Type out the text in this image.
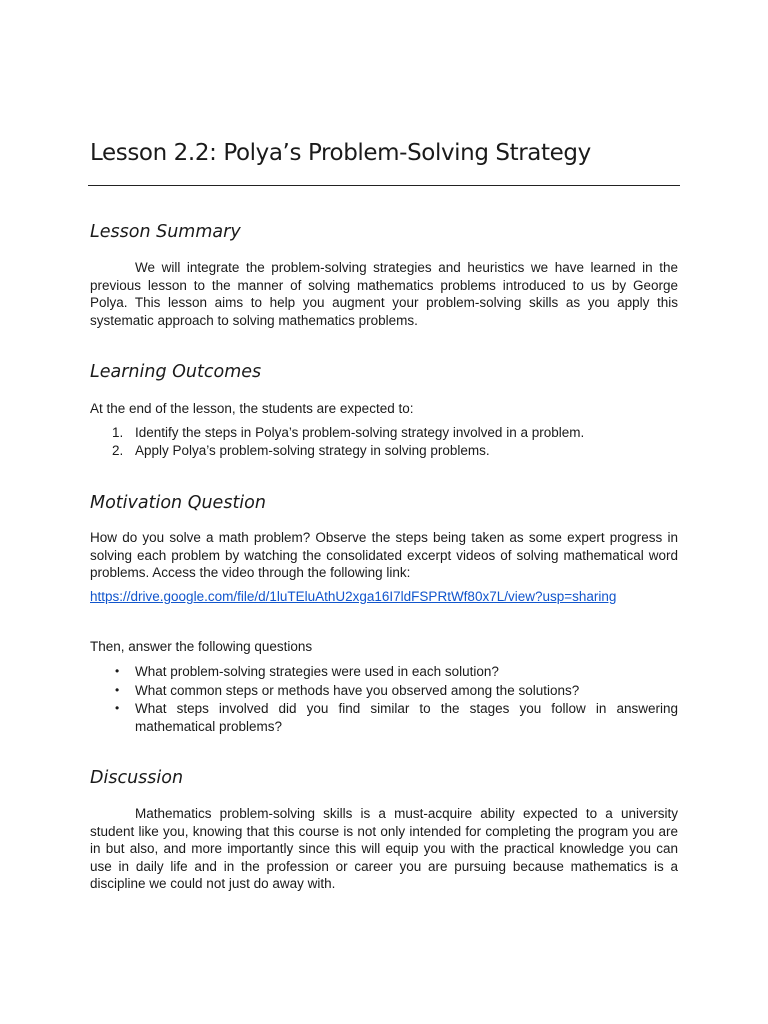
Lesson 2.2: Polya’s Problem-Solving Strategy
Lesson Summary

We will integrate the problem-solving strategies and heuristics we have learned in the previous lesson to the manner of solving mathematics problems introduced to us by George Polya. This lesson aims to help you augment your problem-solving skills as you apply this systematic approach to solving mathematics problems.

Learning Outcomes

At the end of the lesson, the students are expected to:

1. Identify the steps in Polya’s problem-solving strategy involved in a problem.
2. Apply Polya’s problem-solving strategy in solving problems.
Motivation Question

How do you solve a math problem? Observe the steps being taken as some expert progress in solving each problem by watching the consolidated excerpt videos of solving mathematical word problems. Access the video through the following link:

https://drive.google.com/file/d/1luTEluAthU2xga16I7ldFSPRtWf80x7L/view?usp=sharing

Then, answer the following questions

• What problem-solving strategies were used in each solution?
• What common steps or methods have you observed among the solutions?
• What steps involved did you find similar to the stages you follow in answering mathematical problems?
Discussion

Mathematics problem-solving skills is a must-acquire ability expected to a university student like you, knowing that this course is not only intended for completing the program you are in but also, and more importantly since this will equip you with the practical knowledge you can use in daily life and in the profession or career you are pursuing because mathematics is a discipline we could not just do away with.
